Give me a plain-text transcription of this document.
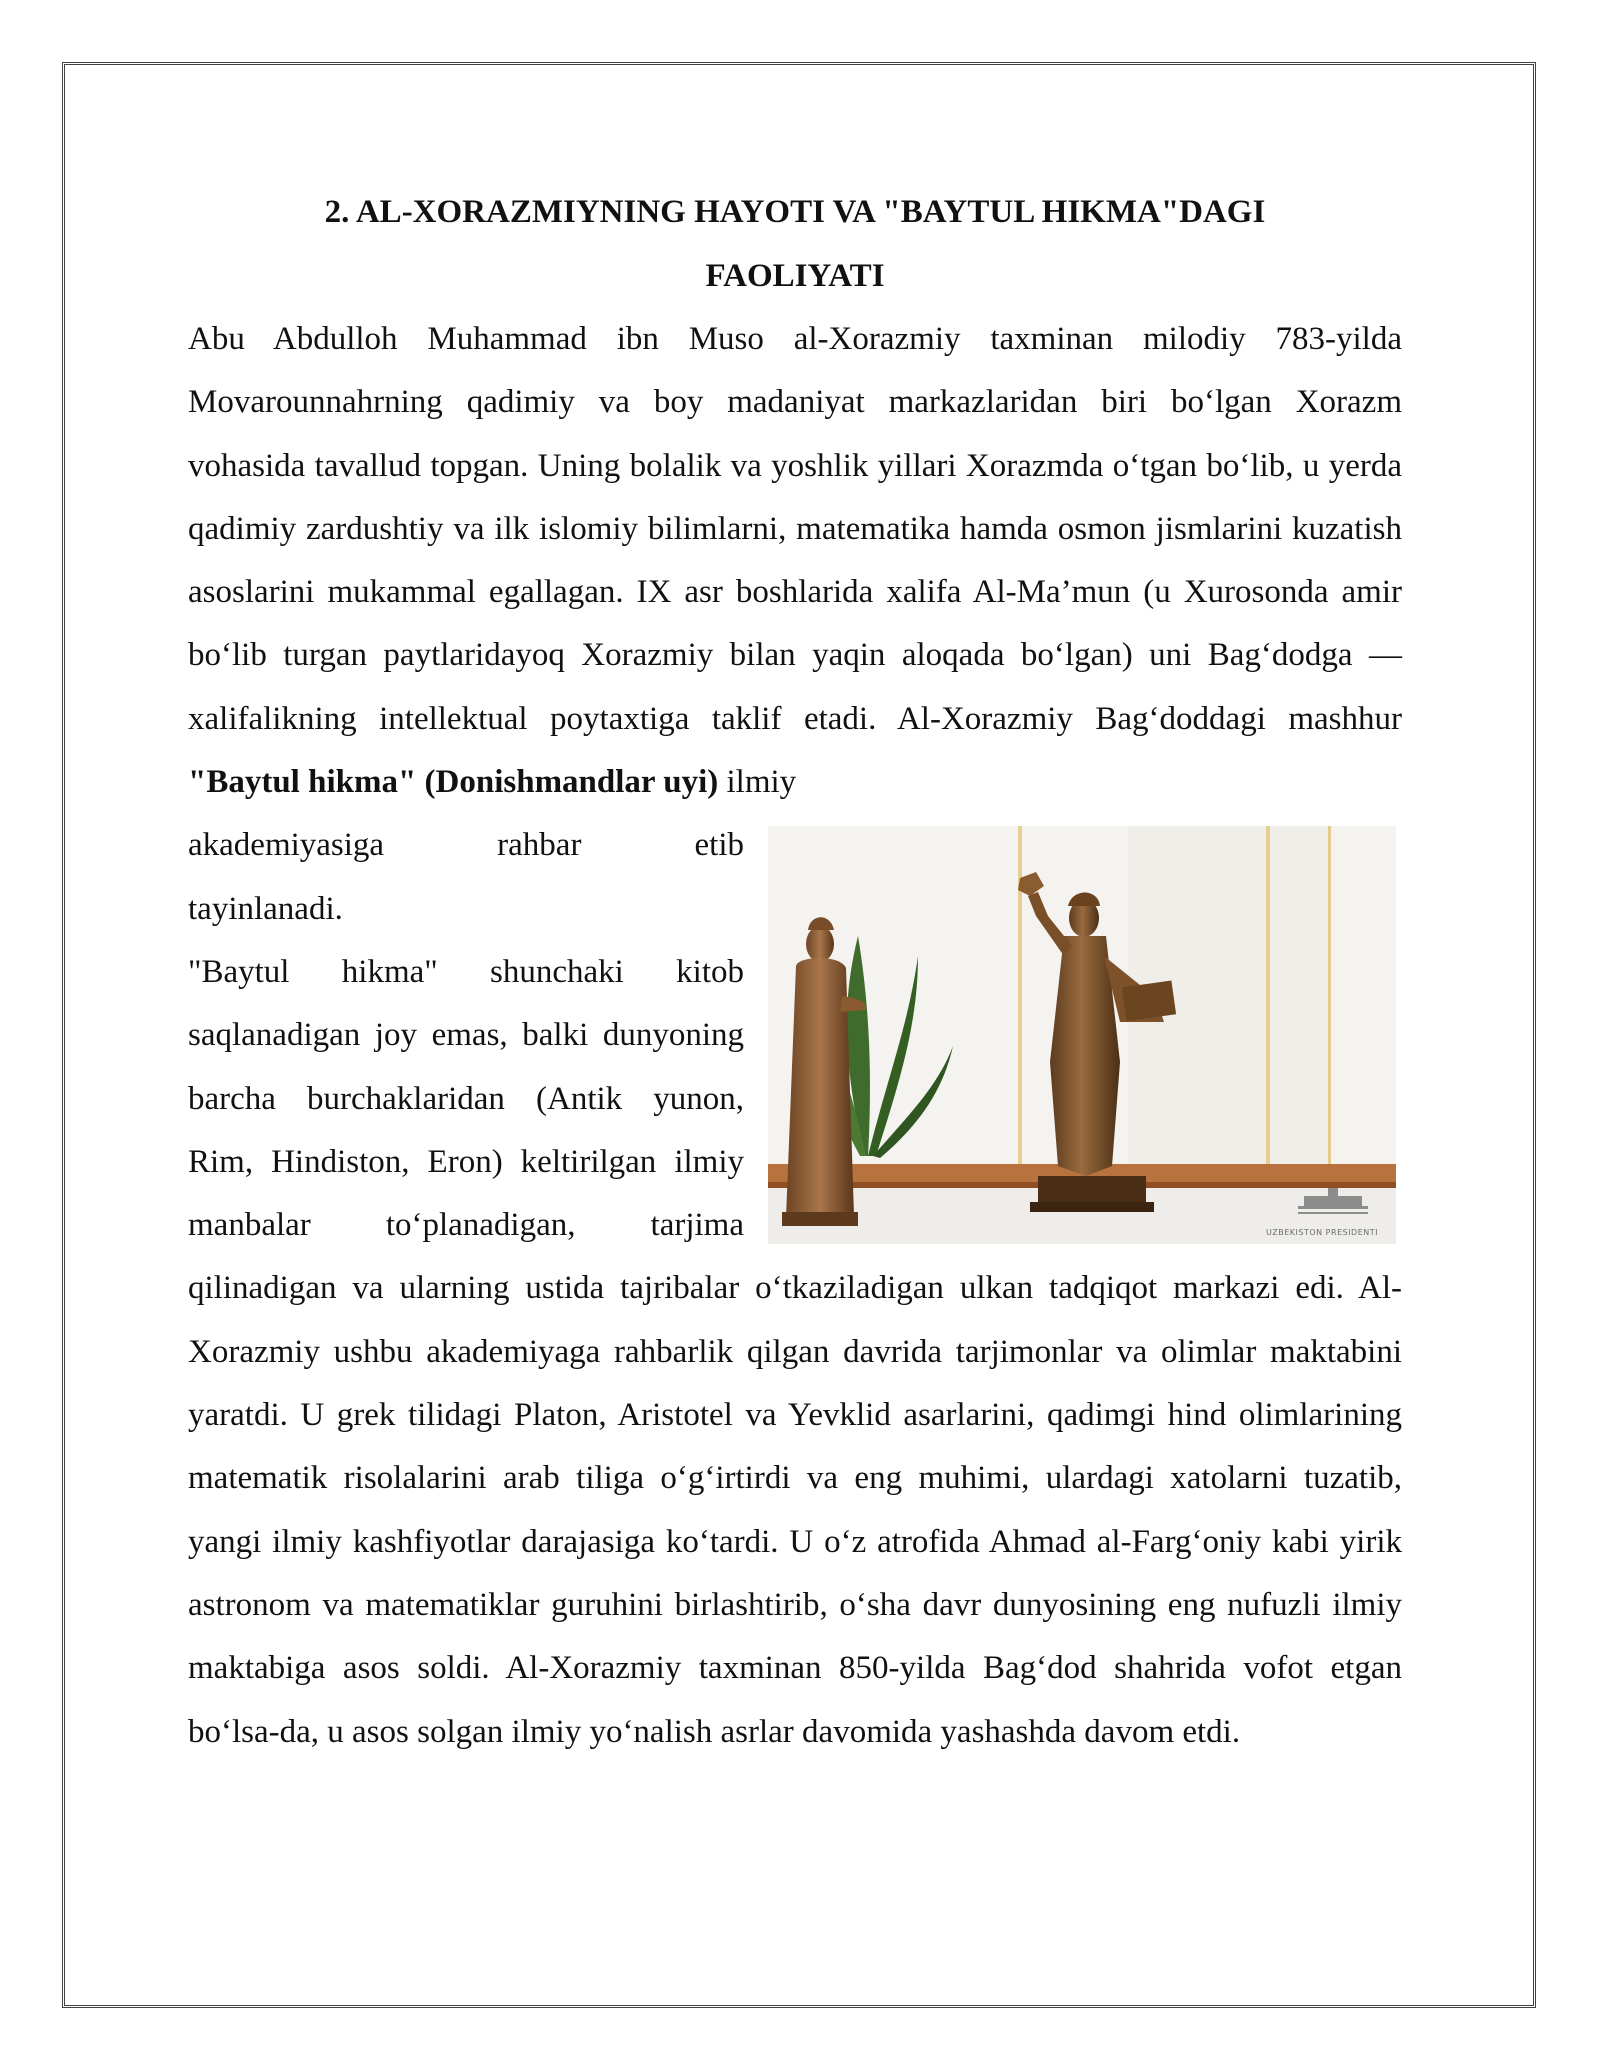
2. AL-XORAZMIYNING HAYOTI VA "BAYTUL HIKMA"DAGI FAOLIYATI

Abu Abdulloh Muhammad ibn Muso al-Xorazmiy taxminan milodiy 783-yilda Movarounnahrning qadimiy va boy madaniyat markazlaridan biri bo‘lgan Xorazm vohasida tavallud topgan. Uning bolalik va yoshlik yillari Xorazmda o‘tgan bo‘lib, u yerda qadimiy zardushtiy va ilk islomiy bilimlarni, matematika hamda osmon jismlarini kuzatish asoslarini mukammal egallagan. IX asr boshlarida xalifa Al-Ma’mun (u Xurosonda amir bo‘lib turgan paytlaridayoq Xorazmiy bilan yaqin aloqada bo‘lgan) uni Bag‘dodga — xalifalikning intellektual poytaxtiga taklif etadi. Al-Xorazmiy Bag‘doddagi mashhur "Baytul hikma" (Donishmandlar uyi) ilmiy

UZBEKISTON PRESIDENTI

akademiyasiga rahbar etib

tayinlanadi.

"Baytul hikma" shunchaki kitob saqlanadigan joy emas, balki dunyoning barcha burchaklaridan (Antik yunon, Rim, Hindiston, Eron) keltirilgan ilmiy manbalar to‘planadigan, tarjima qilinadigan va ularning ustida tajribalar o‘tkaziladigan ulkan tadqiqot markazi edi. Al-Xorazmiy ushbu akademiyaga rahbarlik qilgan davrida tarjimonlar va olimlar maktabini yaratdi. U grek tilidagi Platon, Aristotel va Yevklid asarlarini, qadimgi hind olimlarining matematik risolalarini arab tiliga o‘g‘irtirdi va eng muhimi, ulardagi xatolarni tuzatib, yangi ilmiy kashfiyotlar darajasiga ko‘tardi. U o‘z atrofida Ahmad al-Farg‘oniy kabi yirik astronom va matematiklar guruhini birlashtirib, o‘sha davr dunyosining eng nufuzli ilmiy maktabiga asos soldi. Al-Xorazmiy taxminan 850-yilda Bag‘dod shahrida vofot etgan bo‘lsa-da, u asos solgan ilmiy yo‘nalish asrlar davomida yashashda davom etdi.
